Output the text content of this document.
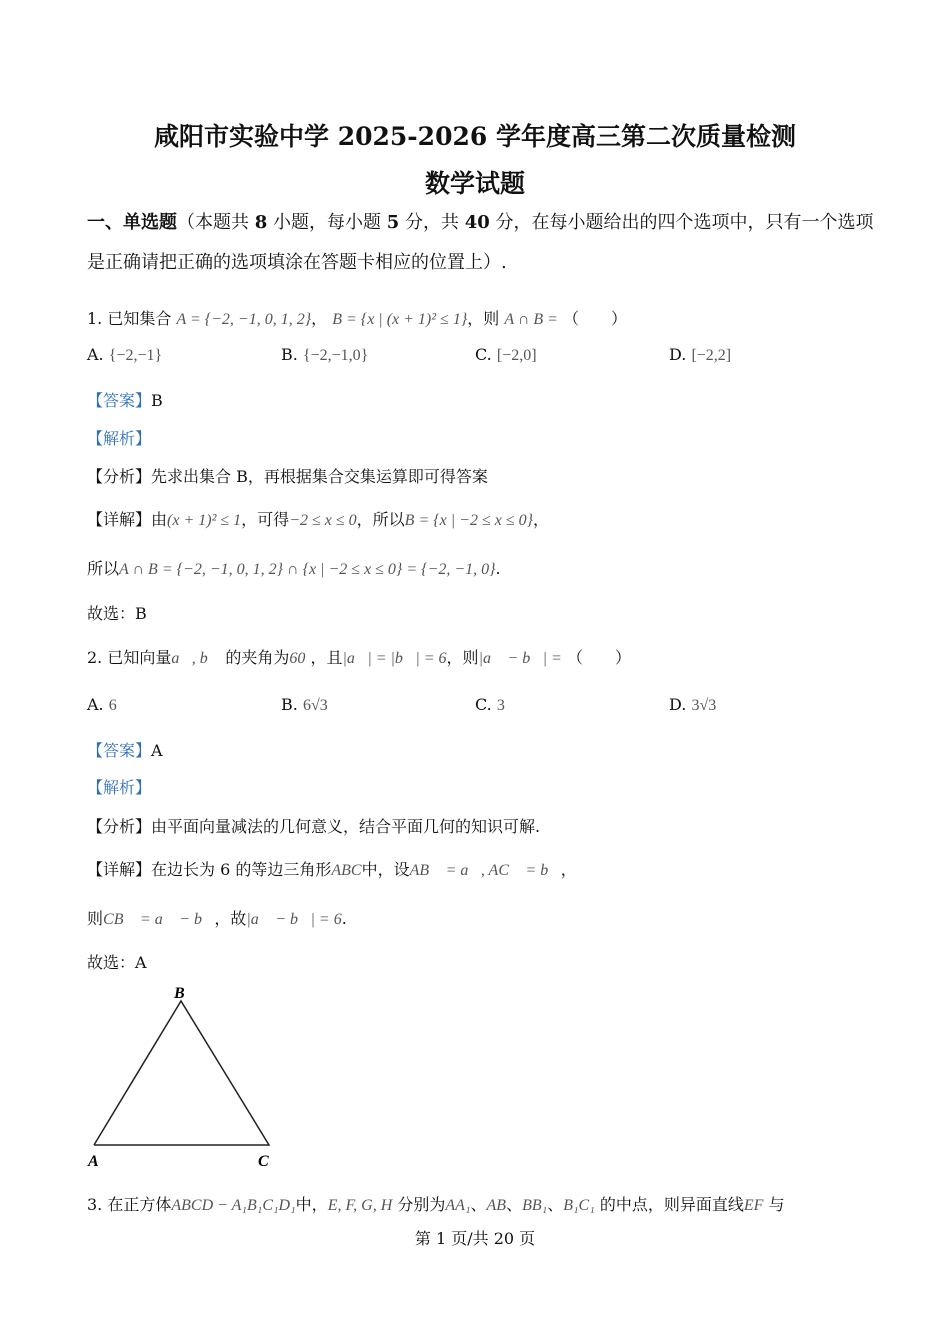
咸阳市实验中学 2025-2026 学年度高三第二次质量检测
数学试题
一、单选题（本题共 8 小题，每小题 5 分，共 40 分，在每小题给出的四个选项中，只有一个选项是正确请把正确的选项填涂在答题卡相应的位置上）.
1. 已知集合 A = {−2, −1, 0, 1, 2}， B = {x | (x + 1)² ≤ 1}，则 A ∩ B = （　　）
A. {−2,−1}	B. {−2,−1,0}	C. [−2,0]	D. [−2,2]
【答案】B
【解析】
【分析】先求出集合 B，再根据集合交集运算即可得答案
【详解】由(x + 1)² ≤ 1，可得−2 ≤ x ≤ 0，所以B = {x | −2 ≤ x ≤ 0}，
所以A ∩ B = {−2, −1, 0, 1, 2} ∩ {x | −2 ≤ x ≤ 0} = {−2, −1, 0}.
故选：B
2. 已知向量a⃗, b⃗ 的夹角为60 ，且|a⃗| = |b⃗| = 6，则|a⃗ − b⃗| = （　　）
A. 6	B. 6√3	C. 3	D. 3√3
【答案】A
【解析】
【分析】由平面向量减法的几何意义，结合平面几何的知识可解.
【详解】在边长为 6 的等边三角形ABC中，设AB⃗ = a⃗, AC⃗ = b⃗，
则CB⃗ = a⃗ − b⃗，故|a⃗ − b⃗| = 6.
故选：A
B
A	C
3. 在正方体ABCD − A₁B₁C₁D₁中，E, F, G, H 分别为AA₁、AB、BB₁、B₁C₁ 的中点，则异面直线EF 与
第 1 页/共 20 页
